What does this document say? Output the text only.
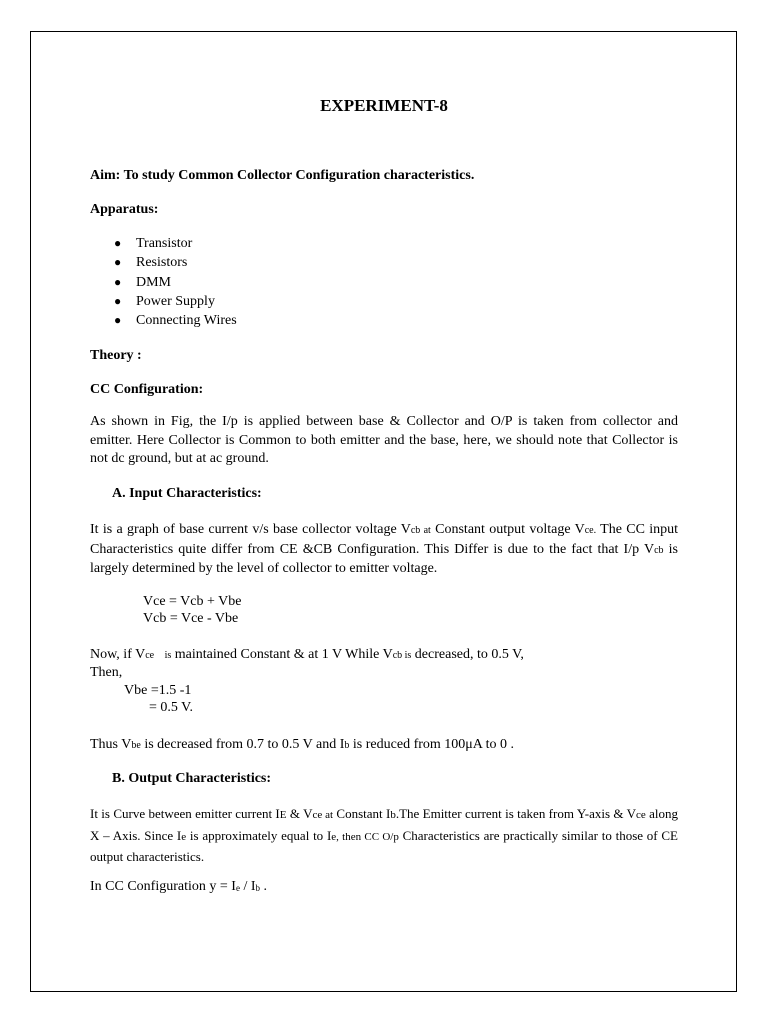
EXPERIMENT-8
Aim: To study Common Collector Configuration characteristics.
Apparatus:
● Transistor
● Resistors
● DMM
● Power Supply
● Connecting Wires
Theory :
CC Configuration:
As shown in Fig, the I/p is applied between base & Collector and O/P is taken from collector and emitter. Here Collector is Common to both emitter and the base, here, we should note that Collector is not dc ground, but at ac ground.
A. Input Characteristics:
It is a graph of base current v/s base collector voltage Vcb at Constant output voltage Vce. The CC input Characteristics quite differ from CE &CB Configuration. This Differ is due to the fact that I/p Vcb is largely determined by the level of collector to emitter voltage.
Vce = Vcb + Vbe
Vcb = Vce - Vbe
Now, if Vce is maintained Constant & at 1 V While Vcb is decreased, to 0.5 V,
Then,
Vbe =1.5 -1
= 0.5 V.
Thus Vbe is decreased from 0.7 to 0.5 V and Ib is reduced from 100μA to 0 .
B. Output Characteristics:
It is Curve between emitter current IE & Vce at Constant Ib.The Emitter current is taken from Y-axis & Vce along X – Axis. Since Ie is approximately equal to Ie, then CC O/p Characteristics are practically similar to those of CE output characteristics.
In CC Configuration y = Ie / Ib .
